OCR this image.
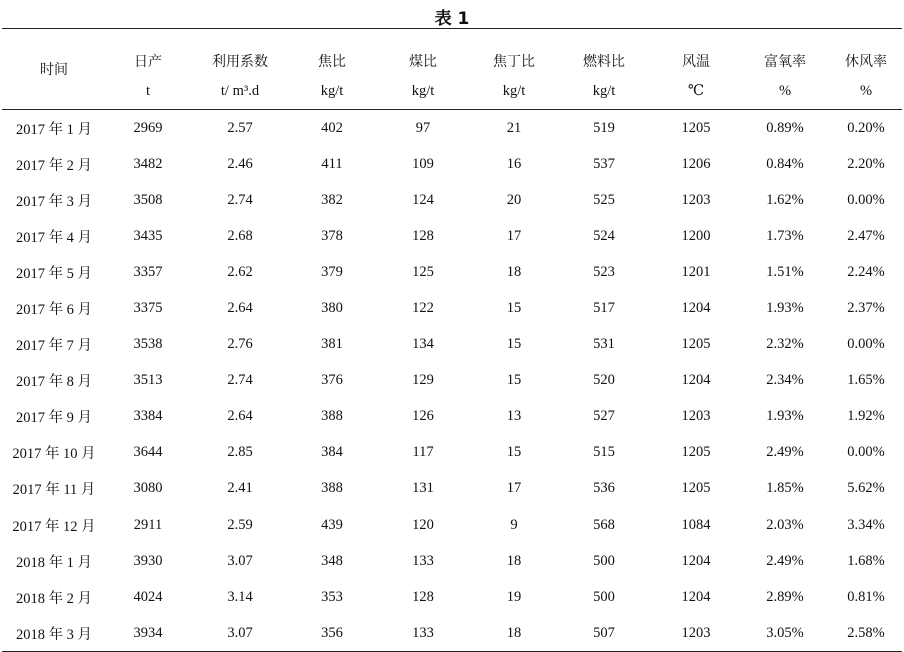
表 1
时间	日产	利用系数	焦比	煤比	焦丁比	燃料比	风温	富氧率	休风率
	t	t/ m³.d	kg/t	kg/t	kg/t	kg/t	℃	%	%
2017 年 1 月	2969	2.57	402	97	21	519	1205	0.89%	0.20%
2017 年 2 月	3482	2.46	411	109	16	537	1206	0.84%	2.20%
2017 年 3 月	3508	2.74	382	124	20	525	1203	1.62%	0.00%
2017 年 4 月	3435	2.68	378	128	17	524	1200	1.73%	2.47%
2017 年 5 月	3357	2.62	379	125	18	523	1201	1.51%	2.24%
2017 年 6 月	3375	2.64	380	122	15	517	1204	1.93%	2.37%
2017 年 7 月	3538	2.76	381	134	15	531	1205	2.32%	0.00%
2017 年 8 月	3513	2.74	376	129	15	520	1204	2.34%	1.65%
2017 年 9 月	3384	2.64	388	126	13	527	1203	1.93%	1.92%
2017 年 10 月	3644	2.85	384	117	15	515	1205	2.49%	0.00%
2017 年 11 月	3080	2.41	388	131	17	536	1205	1.85%	5.62%
2017 年 12 月	2911	2.59	439	120	9	568	1084	2.03%	3.34%
2018 年 1 月	3930	3.07	348	133	18	500	1204	2.49%	1.68%
2018 年 2 月	4024	3.14	353	128	19	500	1204	2.89%	0.81%
2018 年 3 月	3934	3.07	356	133	18	507	1203	3.05%	2.58%
